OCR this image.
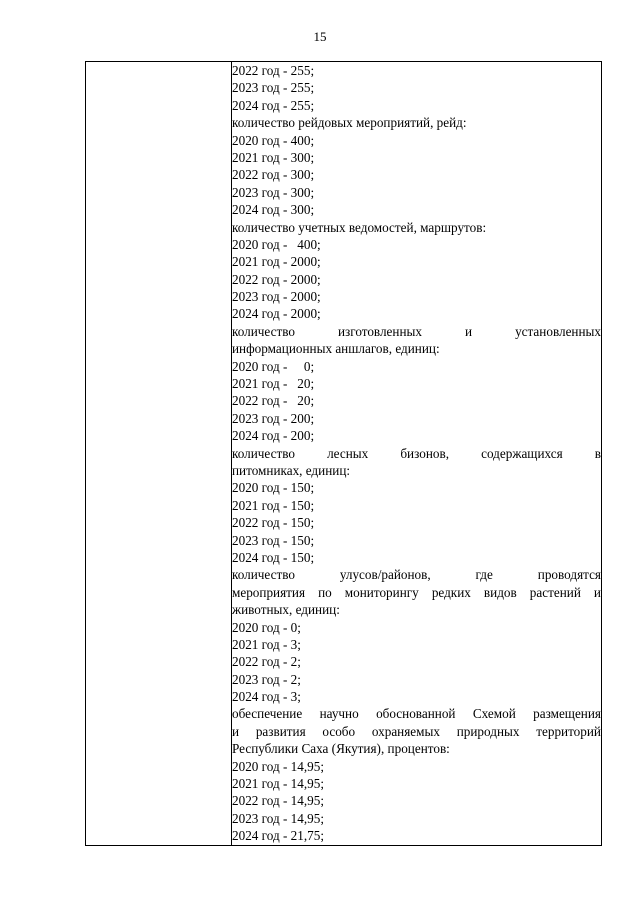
15

2022 год - 255;
2023 год - 255;
2024 год - 255;
количество рейдовых мероприятий, рейд:
2020 год - 400;
2021 год - 300;
2022 год - 300;
2023 год - 300;
2024 год - 300;
количество учетных ведомостей, маршрутов:
2020 год -   400;
2021 год - 2000;
2022 год - 2000;
2023 год - 2000;
2024 год - 2000;
количество изготовленных и установленных
информационных аншлагов, единиц:
2020 год -     0;
2021 год -   20;
2022 год -   20;
2023 год - 200;
2024 год - 200;
количество лесных бизонов, содержащихся в
питомниках, единиц:
2020 год - 150;
2021 год - 150;
2022 год - 150;
2023 год - 150;
2024 год - 150;
количество улусов/районов, где проводятся
мероприятия по мониторингу редких видов растений и
животных, единиц:
2020 год - 0;
2021 год - 3;
2022 год - 2;
2023 год - 2;
2024 год - 3;
обеспечение научно обоснованной Схемой размещения
и развития особо охраняемых природных территорий
Республики Саха (Якутия), процентов:
2020 год - 14,95;
2021 год - 14,95;
2022 год - 14,95;
2023 год - 14,95;
2024 год - 21,75;
